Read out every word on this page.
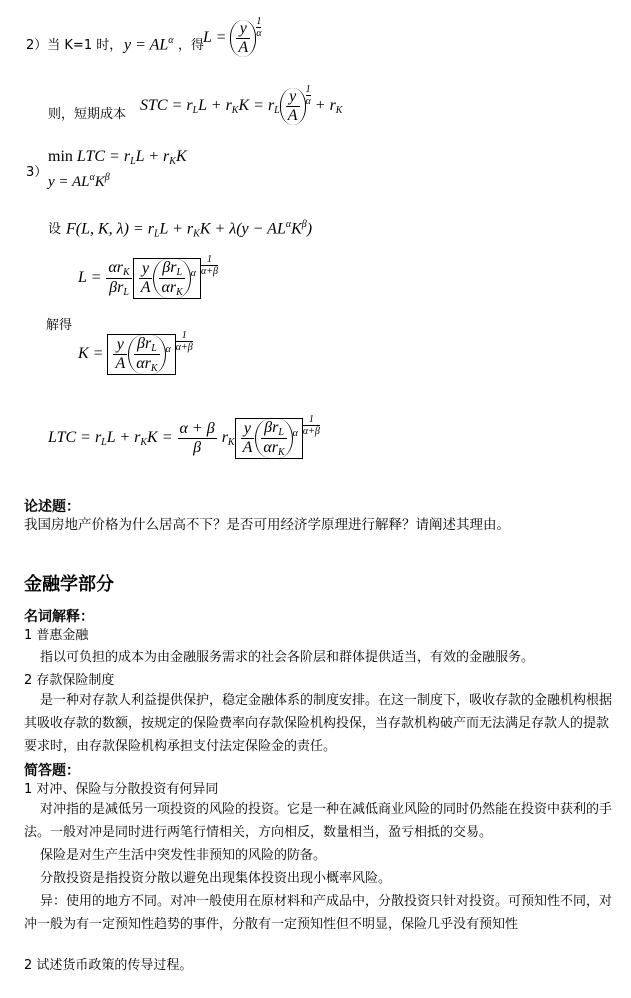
2）当 K=1 时， $y = AL^\alpha$ ，得
$L = \frac{y}{A} \frac{1}{\alpha}$
则，短期成本
STC = $r_LL + r_KK = r_L \frac{y}{A} \frac{1}{\alpha} + r_K$
3）
min LTC = $r_LL + r_KK$
$y = AL^\alpha K^\beta$
设 F(L, K, $\lambda) = r_LL + r_KK + \lambda(y - AL^\alpha K^\beta)$
解得
$L = \frac{\alpha r_K}{\beta r_L} \frac{y}{A} \frac{\beta r_L}{\alpha r_K} ^\alpha \frac{1}{\alpha+\beta}$
$K = \frac{y}{A} \frac{\beta r_L}{\alpha r_K} ^\alpha \frac{1}{\alpha+\beta}$
LTC = $r_LL + r_KK = \frac{\alpha + \beta}{\beta} r_K \frac{y}{A} \frac{\beta r_L}{\alpha r_K} ^\alpha \frac{1}{\alpha+\beta}$
论述题：
我国房地产价格为什么居高不下？是否可用经济学原理进行解释？请阐述其理由。
金融学部分
名词解释：
1 普惠金融
指以可负担的成本为由金融服务需求的社会各阶层和群体提供适当，有效的金融服务。
2 存款保险制度
是一种对存款人利益提供保护，稳定金融体系的制度安排。在这一制度下，吸收存款的金融机构根据其吸收存款的数额，按规定的保险费率向存款保险机构投保，当存款机构破产而无法满足存款人的提款要求时，由存款保险机构承担支付法定保险金的责任。
简答题：
1 对冲、保险与分散投资有何异同
对冲指的是减低另一项投资的风险的投资。它是一种在减低商业风险的同时仍然能在投资中获利的手法。一般对冲是同时进行两笔行情相关，方向相反，数量相当，盈亏相抵的交易。
保险是对生产生活中突发性非预知的风险的防备。
分散投资是指投资分散以避免出现集体投资出现小概率风险。
异：使用的地方不同。对冲一般使用在原材料和产成品中，分散投资只针对投资。可预知性不同，对冲一般为有一定预知性趋势的事件，分散有一定预知性但不明显，保险几乎没有预知性
2 试述货币政策的传导过程。
